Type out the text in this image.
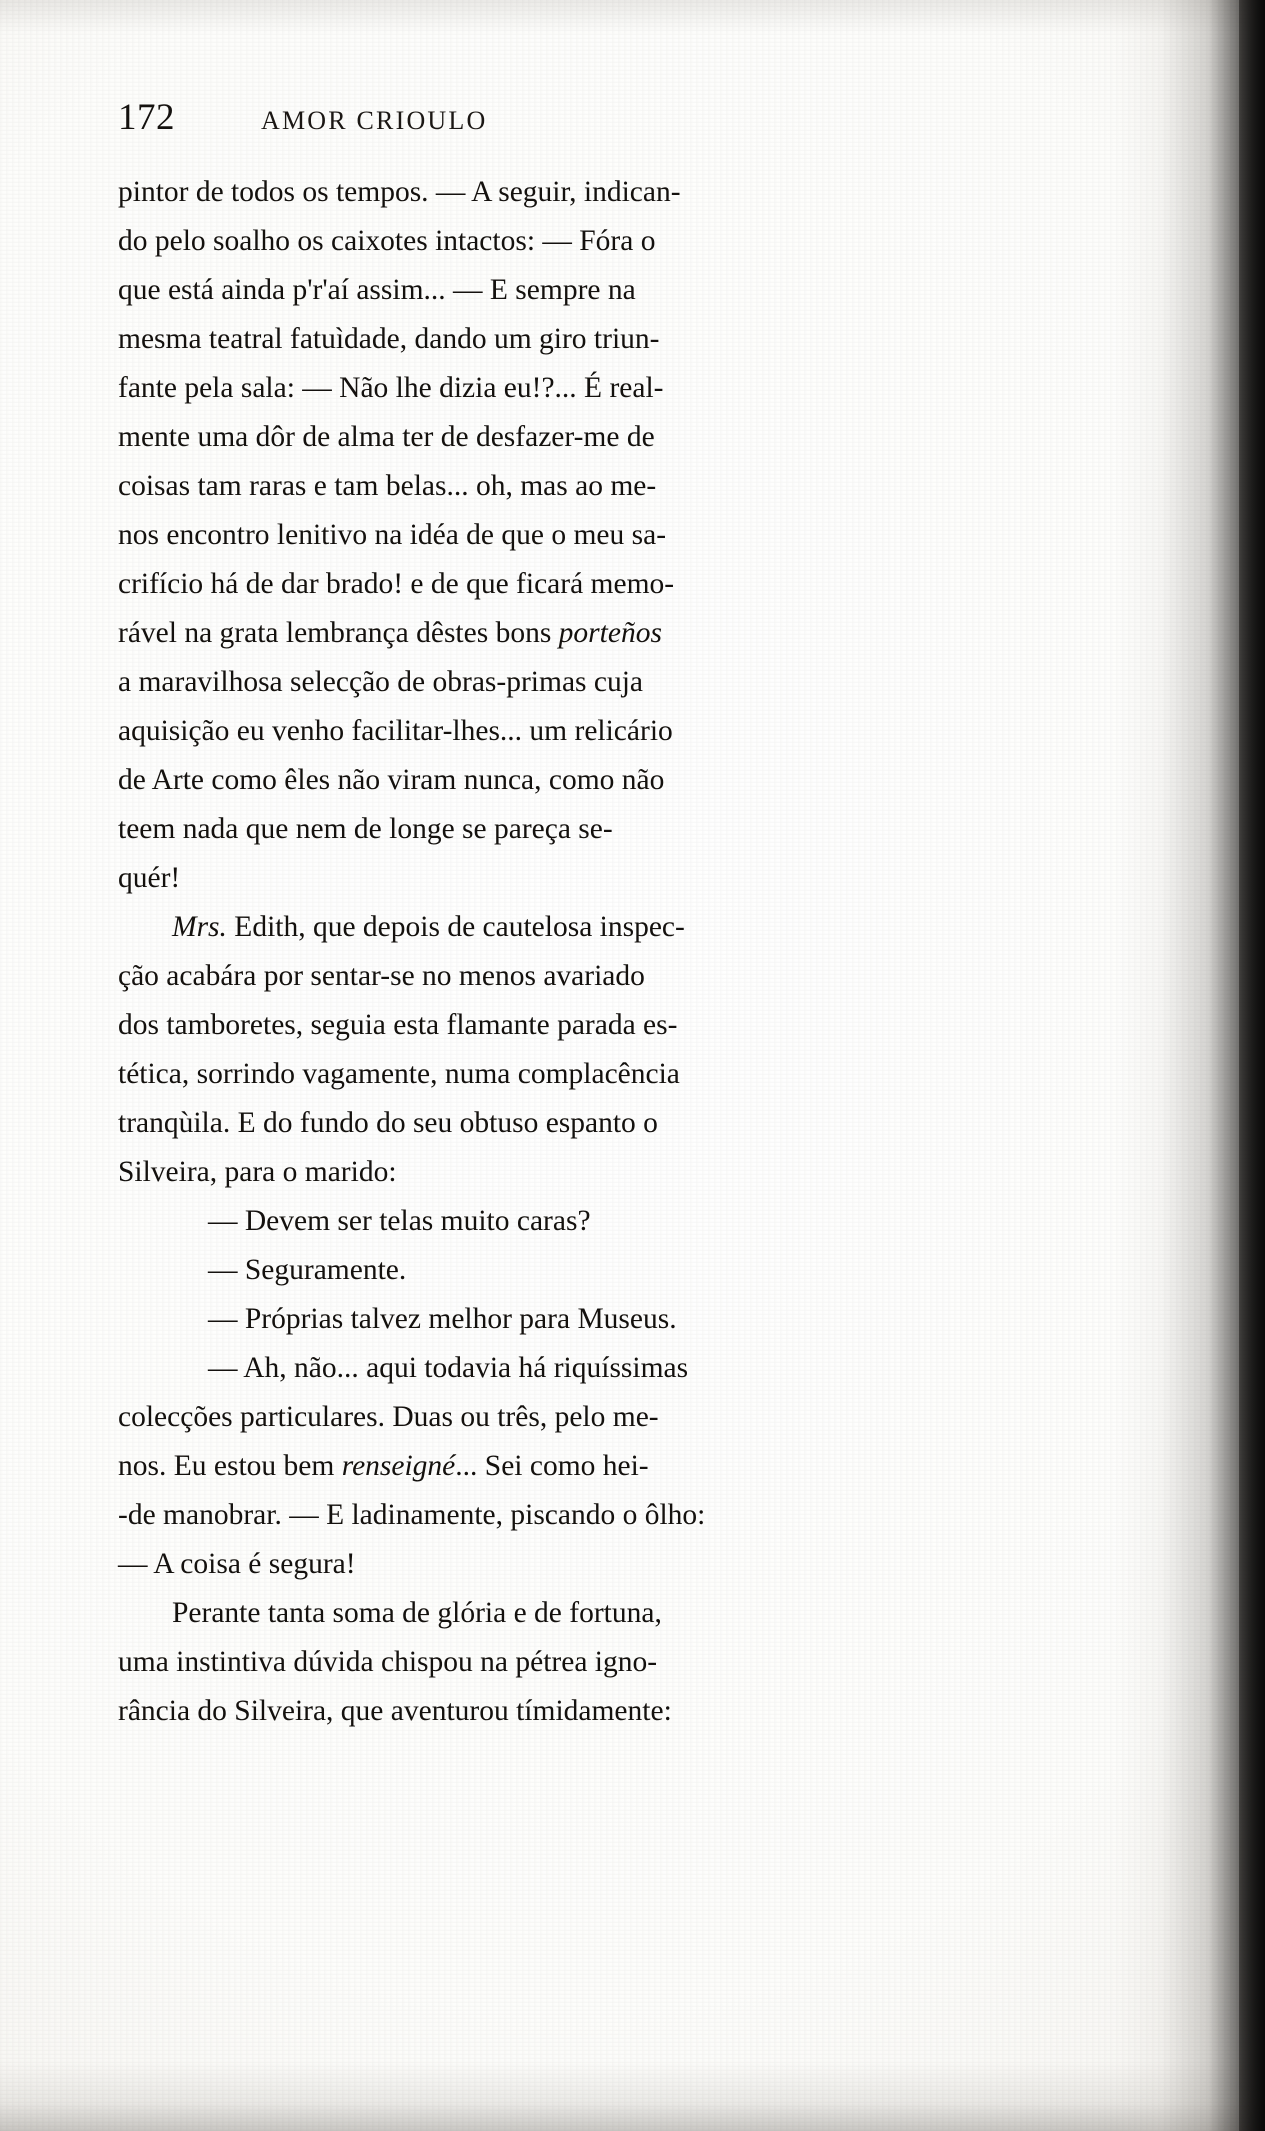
172	AMOR CRIOULO

pintor de todos os tempos. — A seguir, indican-

do pelo soalho os caixotes intactos: — Fóra o

que está ainda p'r'aí assim... — E sempre na

mesma teatral fatuìdade, dando um giro triun-

fante pela sala: — Não lhe dizia eu!?... É real-

mente uma dôr de alma ter de desfazer-me de

coisas tam raras e tam belas... oh, mas ao me-

nos encontro lenitivo na idéa de que o meu sa-

crifício há de dar brado! e de que ficará memo-

rável na grata lembrança dêstes bons porteños

a maravilhosa selecção de obras-primas cuja

aquisição eu venho facilitar-lhes... um relicário

de Arte como êles não viram nunca, como não

teem nada que nem de longe se pareça se-

quér!

Mrs. Edith, que depois de cautelosa inspec-

ção acabára por sentar-se no menos avariado

dos tamboretes, seguia esta flamante parada es-

tética, sorrindo vagamente, numa complacência

tranqùila. E do fundo do seu obtuso espanto o

Silveira, para o marido:

— Devem ser telas muito caras?

— Seguramente.

— Próprias talvez melhor para Museus.

— Ah, não... aqui todavia há riquíssimas

colecções particulares. Duas ou três, pelo me-

nos. Eu estou bem renseigné... Sei como hei-

-de manobrar. — E ladinamente, piscando o ôlho:

— A coisa é segura!

Perante tanta soma de glória e de fortuna,

uma instintiva dúvida chispou na pétrea igno-

rância do Silveira, que aventurou tímidamente:
